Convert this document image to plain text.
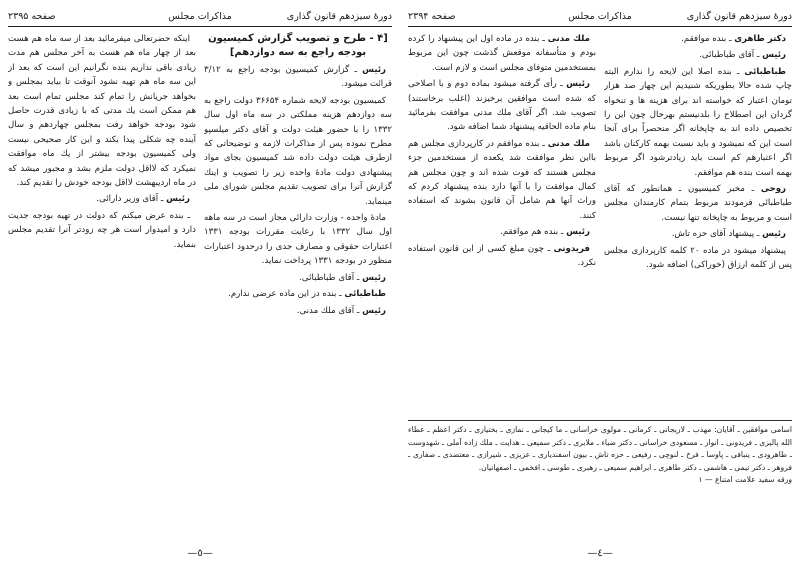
دورهٔ سیزدهم قانون گذاری
مذاکرات مجلس
صفحه ۲۳۹۵
[۴ - طرح و تصویب گزارش کمیسیون بودجه راجع به سه دوازدهم]

رئیس ـ گزارش کمیسیون بودجه راجع به ۳/۱۲ قرائت میشود.

کمیسیون بودجه لایحه شماره ۳۶۶۵۴ دولت راجع به سه دوازدهم هزینه مملکتی در سه ماه اول سال ۱۳۳۲ را با حضور هیئت دولت و آقای دکتر میلسپو مطرح نموده پس از مذاکرات لازمه و توضیحاتی که ازطرف هیئت دولت داده شد کمیسیون بجای مواد پیشنهادی دولت مادهٔ واحده زیر را تصویب و اینك گزارش آنرا برای تصویب تقدیم مجلس شورای ملی مینماید.

مادهٔ واحده - وزارت دارائی مجاز است در سه ماهه اول سال ۱۳۳۲ با رعایت مقررات بودجه ۱۳۳۱ اعتبارات حقوقی و مصارف جدی را درحدود اعتبارات منظور در بودجه ۱۳۳۱ پرداخت نماید.

رئیس ـ آقای طباطبائی.

طباطبائی ـ بنده در این ماده عرضی ندارم.

رئیس ـ آقای ملك مدنی.

اینکه حضرتعالی میفرمائید بعد از سه ماه هم هست بعد از چهار ماه هم هست به آخر مجلس هم مدت زیادی باقی نداریم بنده نگرانیم این است که بعد از این سه ماه هم تهیه نشود آنوقت تا بیاید بمجلس و بخواهد جریانش را تمام کند مجلس تمام است بعد هم ممکن است یك مدتی که با زیادی قدرت حاصل شود بودجه خواهد رفت بمجلس چهاردهم و سال آینده چه شکلی پیدا بکند و این کار صحیحی نیست ولی کمیسیون بودجه بیشتر از یك ماه موافقت نمیکرد که لااقل دولت ملزم بشد و مجبور میشد که در ماه اردیبهشت لااقل بودجه خودش را تقدیم کند.

رئیس ـ آقای وزیر دارائی.

ـ بنده عرض میکنم که دولت در تهیه بودجه جدیت دارد و امیدوار است هر چه زودتر آنرا تقدیم مجلس بنماید.

—٥—
دورهٔ سیزدهم قانون گذاری
مذاکرات مجلس
صفحه ۲۳۹۴

دکتر طاهری ـ بنده موافقم.

رئیس ـ آقای طباطبائی.

طباطبائی ـ بنده اصلا این لایحه را ندارم البته چاپ شده حالا بطوریکه شنیدیم این چهار صد هزار تومان اعتبار که خواسته اند برای هزینه ها و تنخواه گردان این اصطلاح را بلدنیستم بهرحال چون این را تخصیص داده اند به چاپخانه اگر منحصراً برای آنجا است این که نمیشود و باید نسبت بهمه کارکنان باشد اگر اعتبارهم کم است باید زیادترشود اگر مربوط بهمه است بنده هم موافقم.

روحی ـ مخبر کمیسیون ـ همانطور که آقای طباطبائی فرمودند مربوط بتمام کارمندان مجلس است و مربوط به چاپخانه تنها نیست.

رئیس ـ پیشنهاد آقای حزه تاش.

پیشنهاد میشود در ماده ۲۰ کلمه کارپردازی مجلس پس از کلمه ارزاق (خوراکی) اضافه شود.

ملك مدنی ـ بنده در ماده اول این پیشنهاد را کرده بودم و متأسفانه موقعش گذشت چون این مربوط بمستخدمین متوفای مجلس است و لازم است.

رئیس ـ رأی گرفته میشود بماده دوم و با اصلاحی که شده است موافقین برخیزند (اغلب برخاستند) تصویب شد. اگر آقای ملك مدنی موافقت بفرمائید بنام ماده الحاقیه پیشنهاد شما اضافه شود.

ملك مدنی ـ بنده موافقم در کارپردازی مجلس هم بااین نظر موافقت شد یکعده از مستخدمین جزء مجلس هستند که فوت شده اند و چون مجلس هم کمال موافقت را با آنها دارد بنده پیشنهاد کردم که وراث آنها هم شامل آن قانون بشوند که استفاده کنند.

رئیس ـ بنده هم موافقم.

فریدونی ـ چون مبلغ کسی از این قانون استفاده نکرد.

اسامی موافقین ـ آقایان: مهذب ـ لاریجانی ـ کرمانی ـ مولوی خراسانی ـ ما کیجانی ـ نمازی ـ بختیاری ـ دکتر اعظم ـ عطاء الله پالیزی ـ فریدونی ـ انوار ـ مسعودی خراسانی ـ دکتر ضیاء ـ ملایری ـ دکتر سمیعی ـ هدایت ـ ملك زاده آملی ـ شهدوست ـ طاهرودی ـ ینبافی ـ پاوسا ـ فرخ ـ لنوچی ـ رفیعی ـ حزه تاش ـ بیون اسفندیاری ـ عزیزی ـ شیرازی ـ معتضدی ـ صفاری ـ فروهر ـ دکتر تیمی ـ هاشمی ـ دکتر طاهری ـ ابراهیم سمیعی ـ رهبری ـ طوسی ـ افخمی ـ اصفهانیان.
ورقه سفید علامت امتناع — ۱
—٤—
